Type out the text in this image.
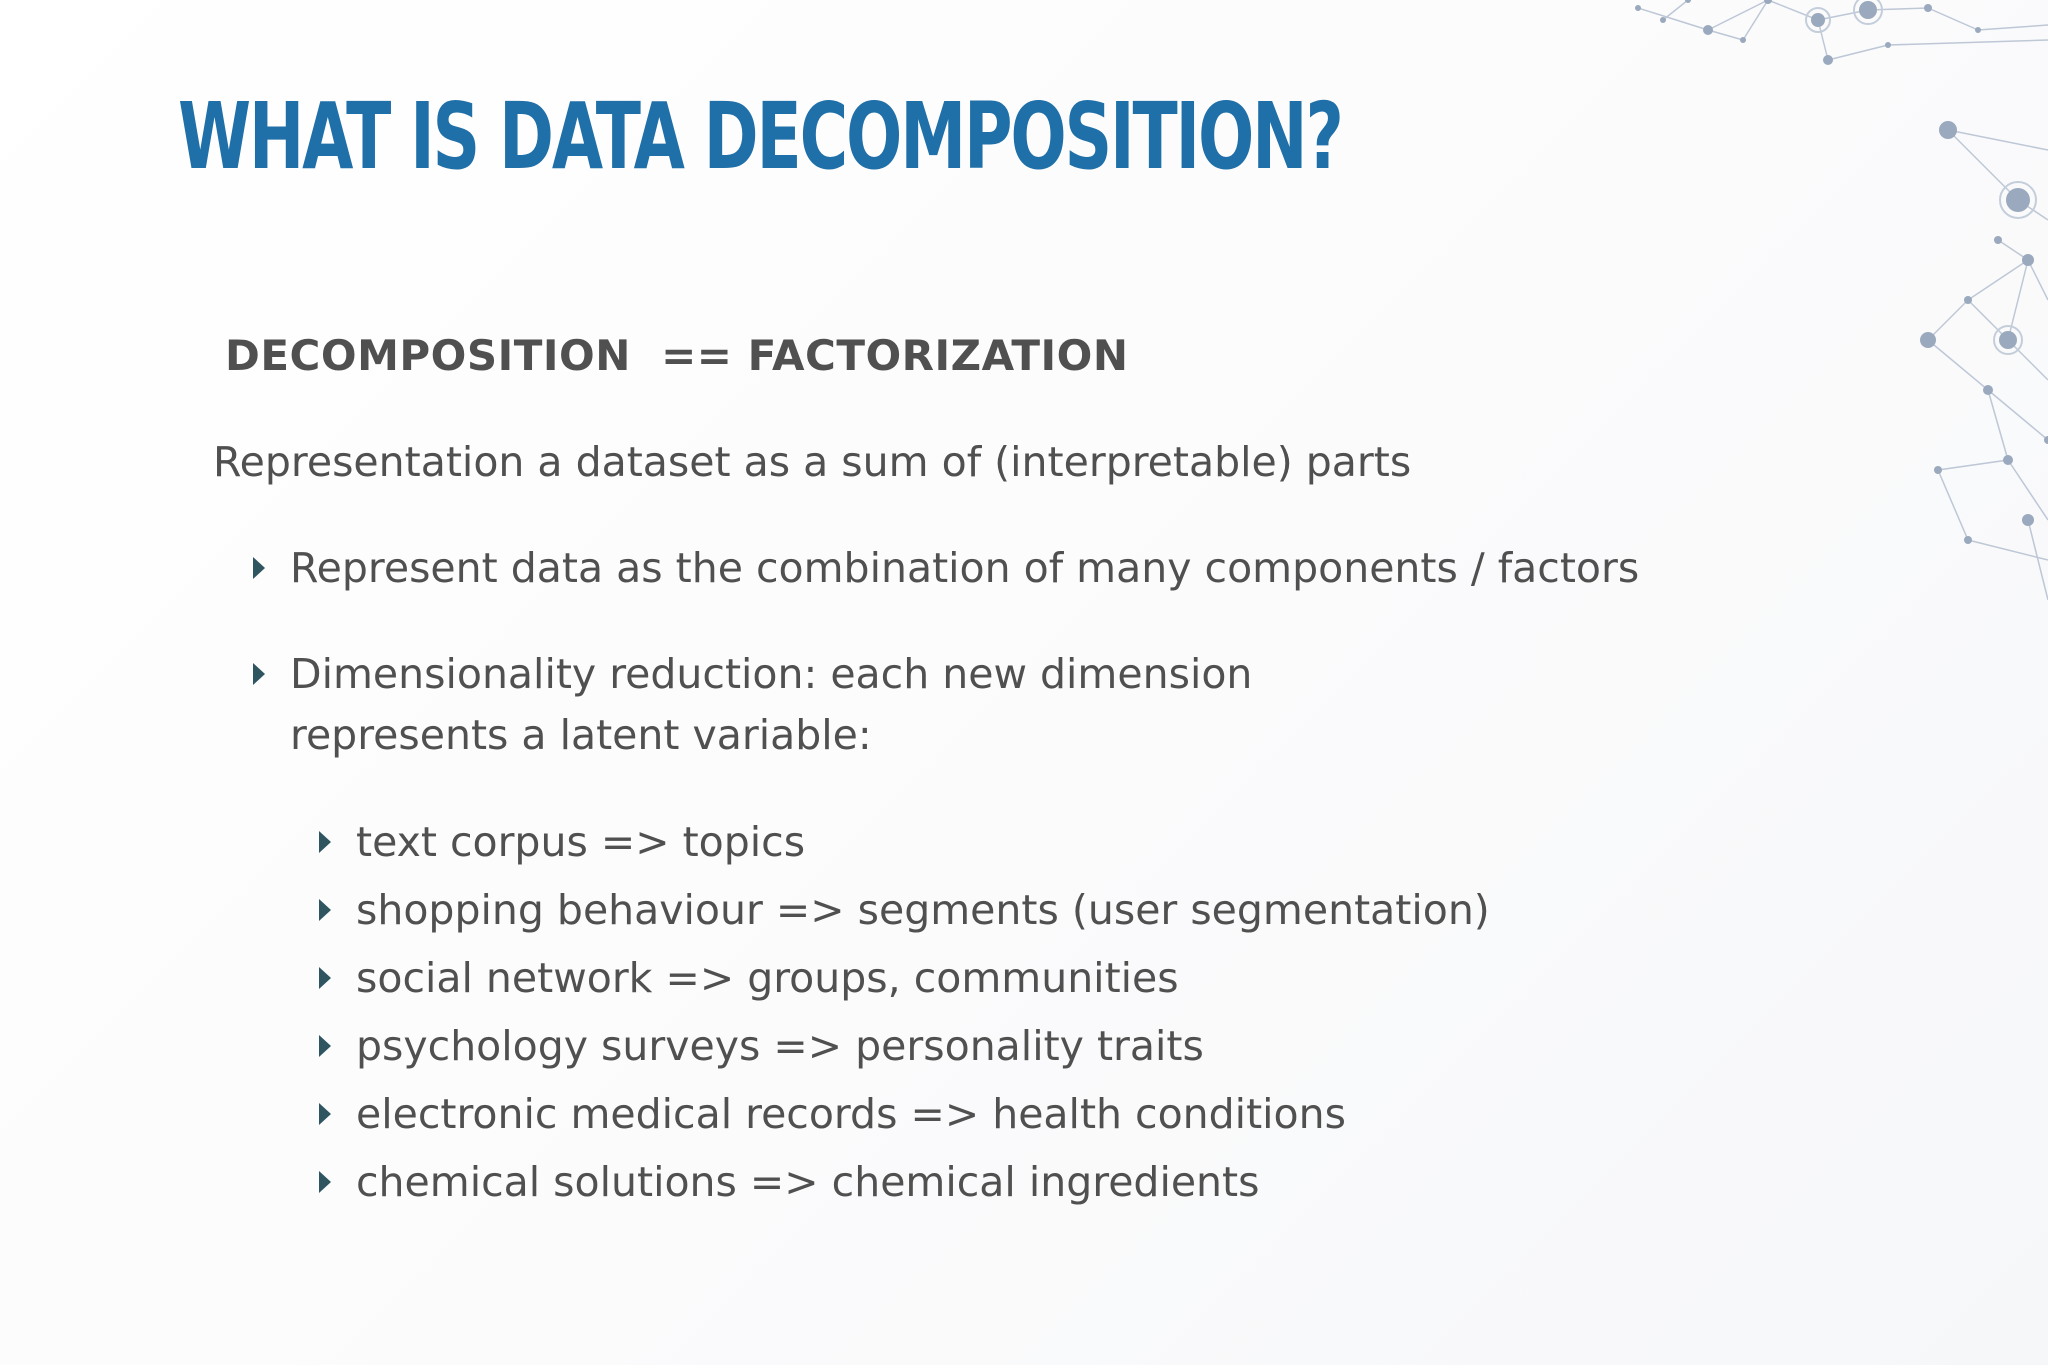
WHAT IS DATA DECOMPOSITION?
DECOMPOSITION  == FACTORIZATION
Representation a dataset as a sum of (interpretable) parts
Represent data as the combination of many components / factors
Dimensionality reduction: each new dimension
represents a latent variable:
text corpus => topics
shopping behaviour => segments (user segmentation)
social network => groups, communities
psychology surveys => personality traits
electronic medical records => health conditions
chemical solutions => chemical ingredients
